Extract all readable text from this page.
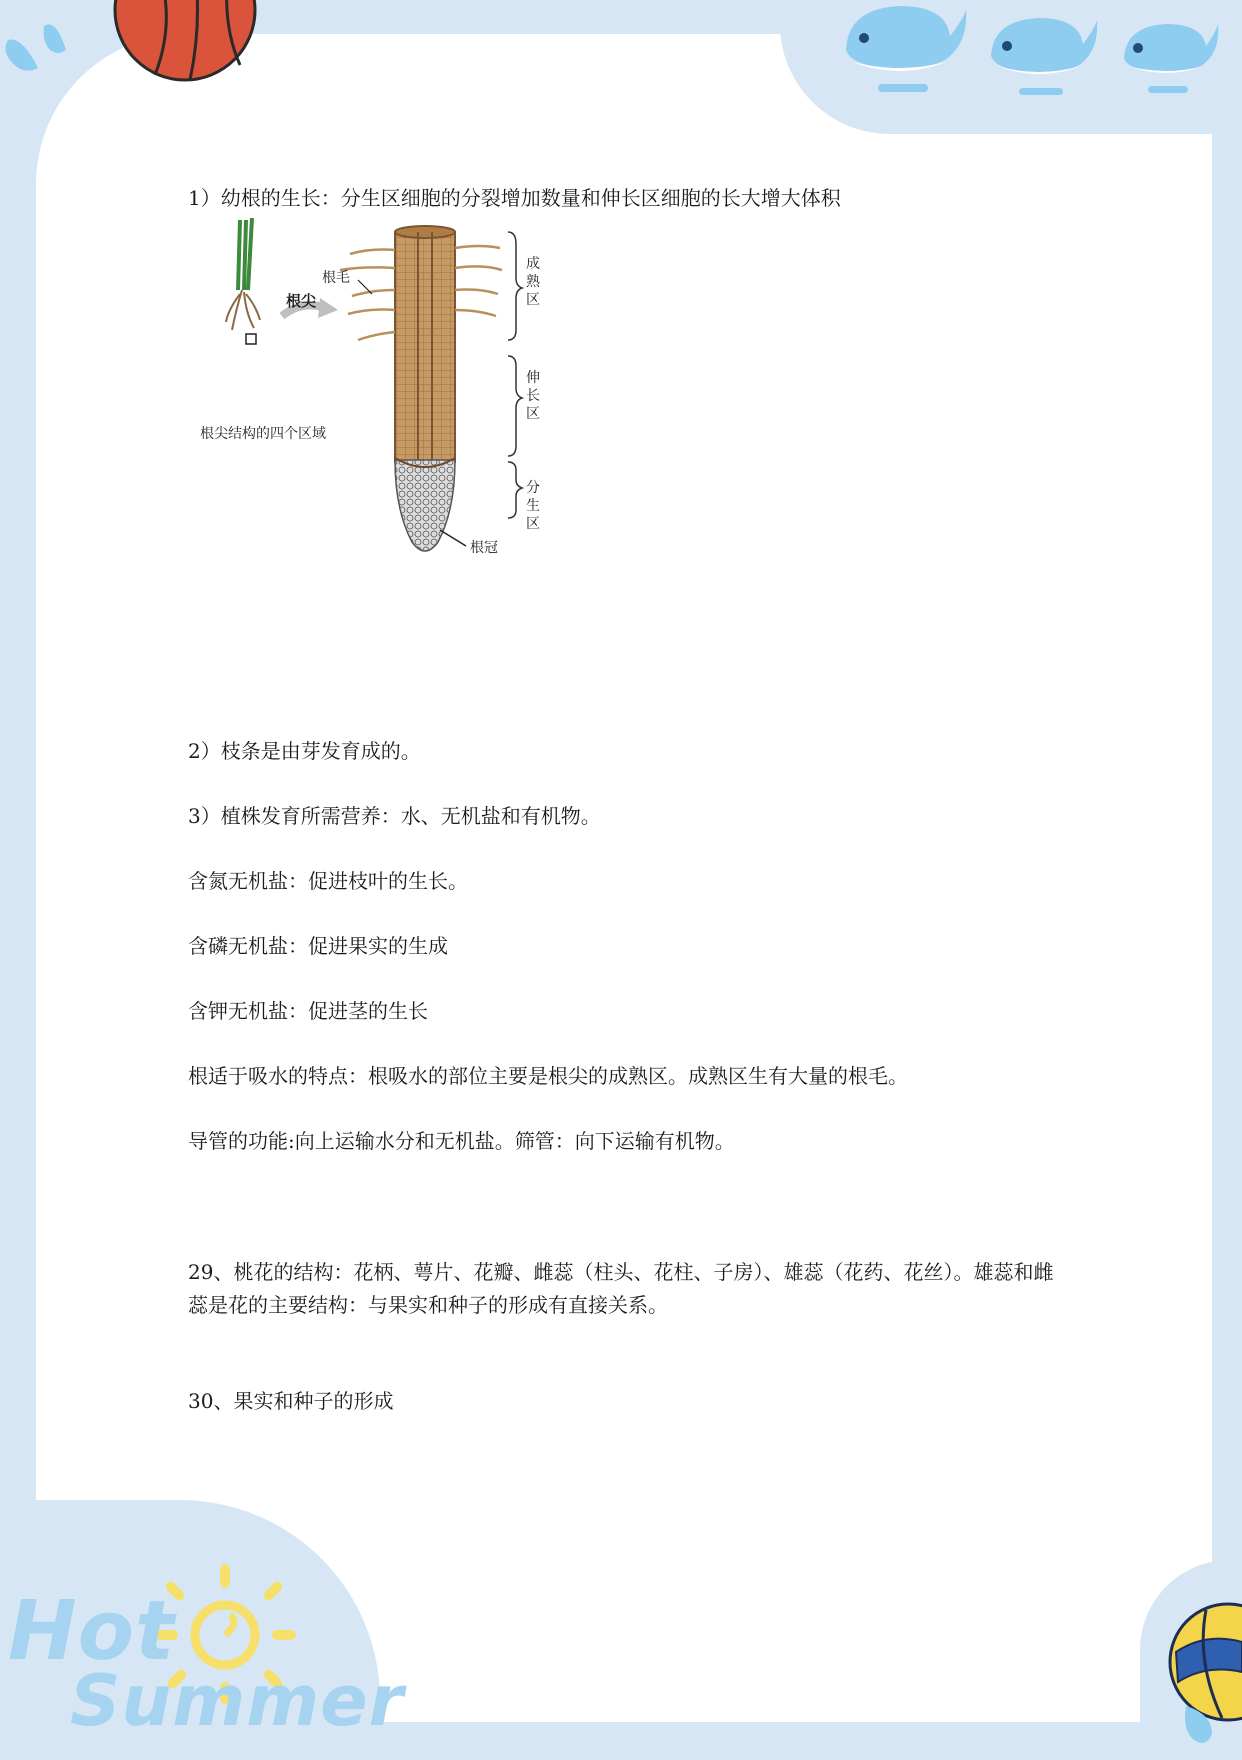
Hot
Summer

1）幼根的生长：分生区细胞的分裂增加数量和伸长区细胞的长大增大体积

根尖
根尖结构的四个区域
根毛
成 熟区
伸 长区
分 生区
根冠

2）枝条是由芽发育成的。

3）植株发育所需营养：水、无机盐和有机物。

含氮无机盐：促进枝叶的生长。

含磷无机盐：促进果实的生成

含钾无机盐：促进茎的生长

根适于吸水的特点：根吸水的部位主要是根尖的成熟区。成熟区生有大量的根毛。

导管的功能:向上运输水分和无机盐。筛管：向下运输有机物。

29、桃花的结构：花柄、萼片、花瓣、雌蕊（柱头、花柱、子房）、雄蕊（花药、花丝）。雄蕊和雌蕊是花的主要结构：与果实和种子的形成有直接关系。

30、果实和种子的形成
